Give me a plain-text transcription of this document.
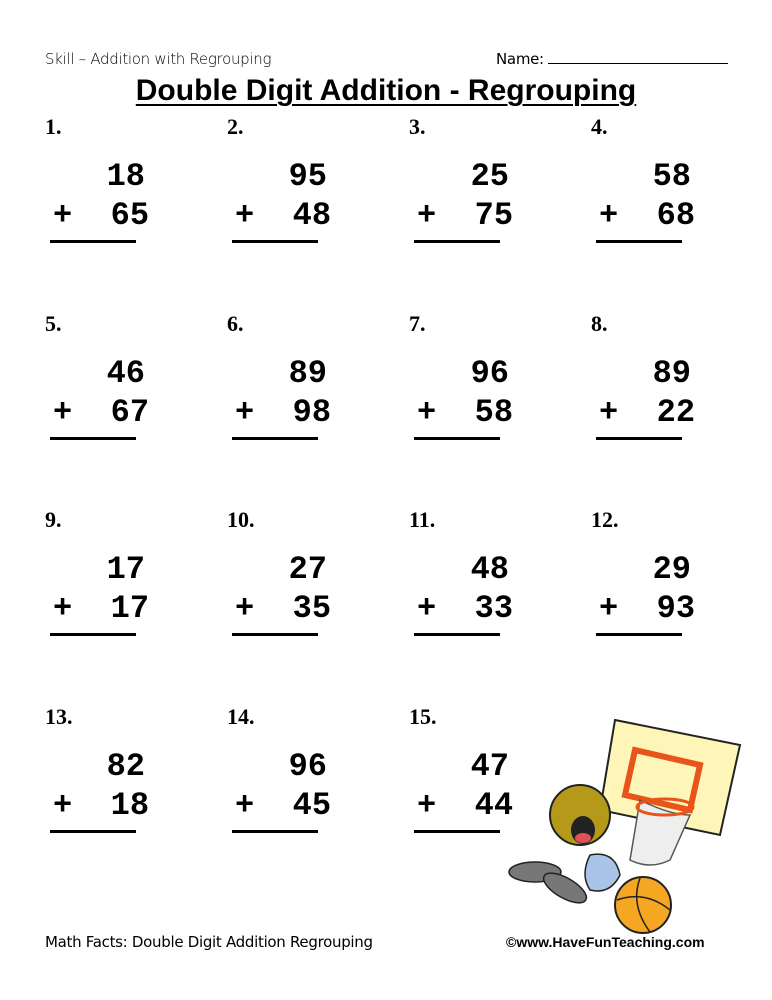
Skill – Addition with Regrouping	Name:
Double Digit Addition - Regrouping
1.
18
+ 65
2.
95
+ 48
3.
25
+ 75
4.
58
+ 68
5.
46
+ 67
6.
89
+ 98
7.
96
+ 58
8.
89
+ 22
9.
17
+ 17
10.
27
+ 35
11.
48
+ 33
12.
29
+ 93
13.
82
+ 18
14.
96
+ 45
15.
47
+ 44
Math Facts: Double Digit Addition Regrouping	©www.HaveFunTeaching.com
